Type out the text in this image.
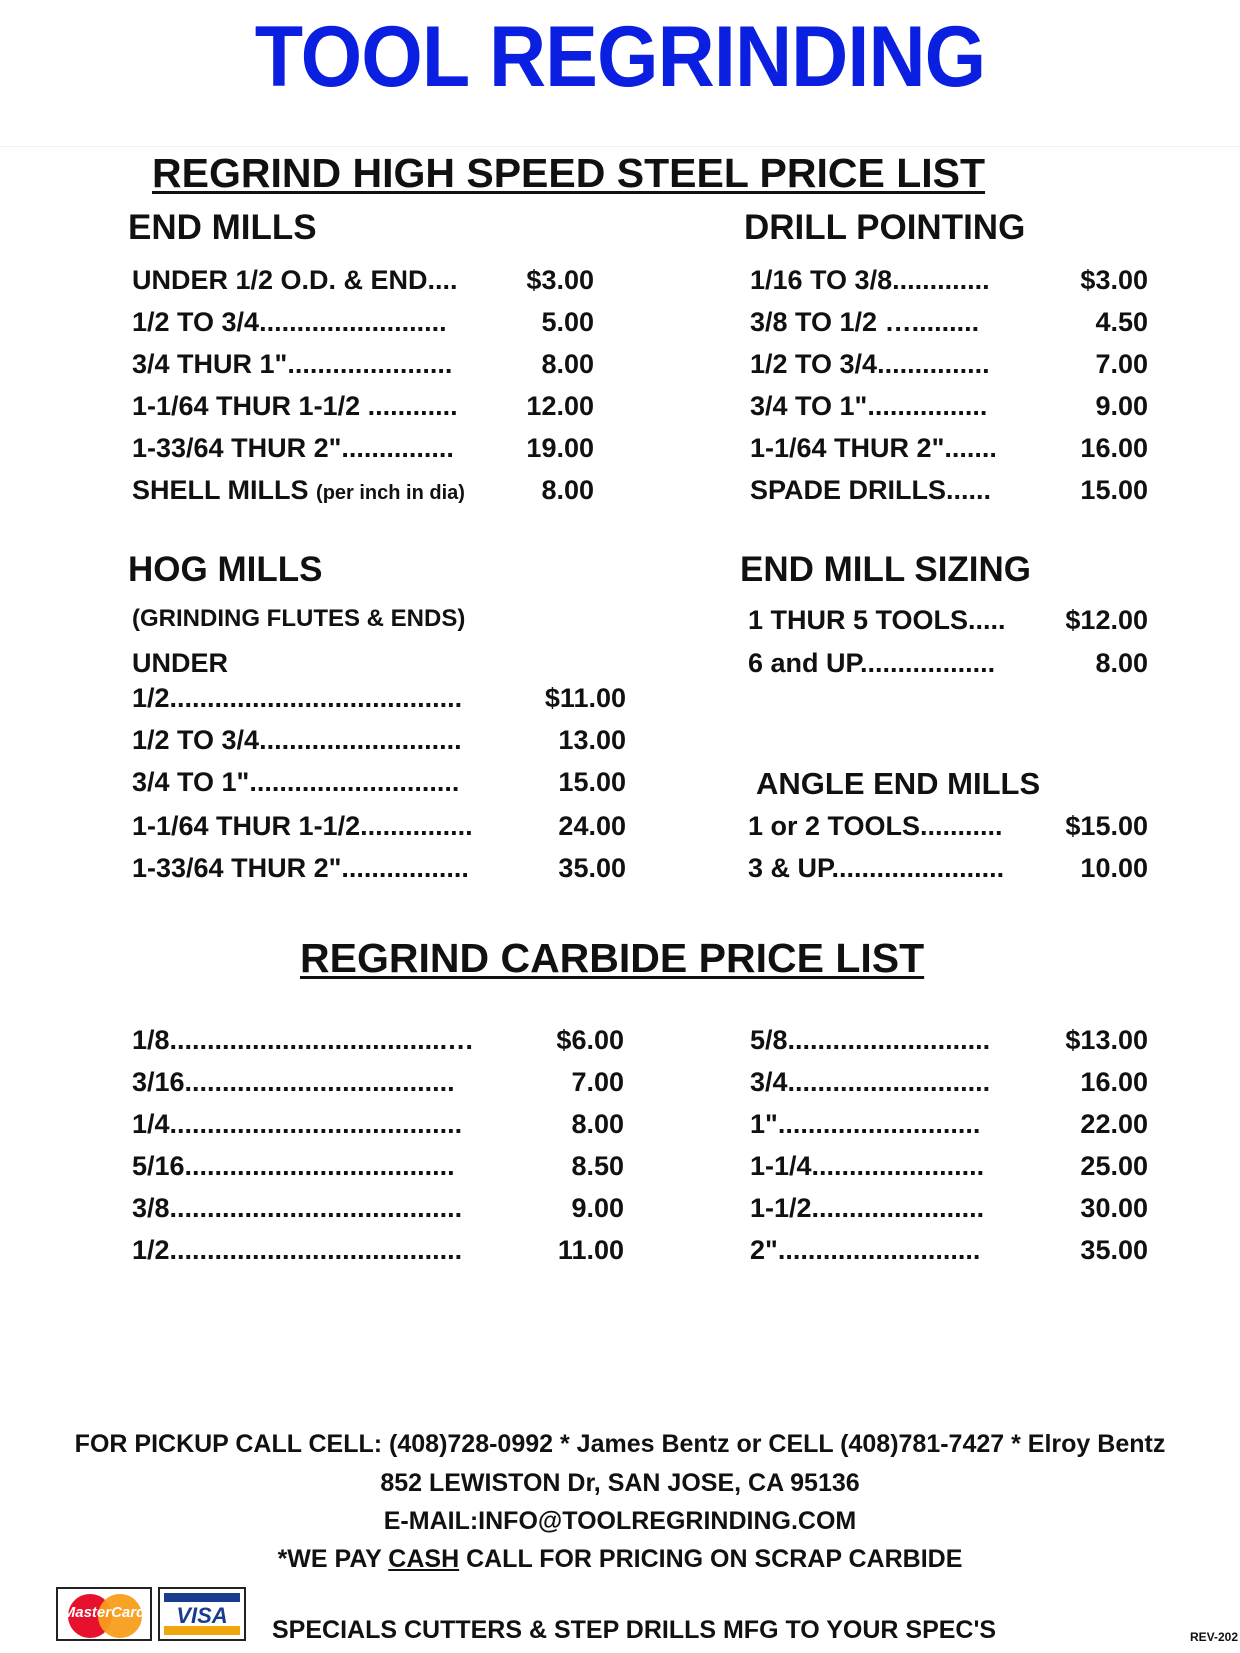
TOOL REGRINDING
REGRIND HIGH SPEED STEEL PRICE LIST
END MILLS
UNDER 1/2 O.D. & END....	$3.00
1/2 TO 3/4.........................	5.00
3/4 THUR 1"......................	8.00
1-1/64 THUR 1-1/2 ............	12.00
1-33/64 THUR 2"...............	19.00
SHELL MILLS (per inch in dia)	8.00
DRILL POINTING
1/16 TO 3/8.............	$3.00
3/8 TO 1/2 ….........	4.50
1/2 TO 3/4...............	7.00
3/4 TO 1"................	9.00
1-1/64 THUR 2".......	16.00
SPADE DRILLS......	15.00
HOG MILLS
(GRINDING FLUTES & ENDS)
UNDER
1/2.......................................	$11.00
1/2 TO 3/4...........................	13.00
3/4 TO 1"............................	15.00
1-1/64 THUR 1-1/2...............	24.00
1-33/64 THUR 2".................	35.00
END MILL SIZING
1 THUR 5 TOOLS..... $12.00
6 and UP..................	8.00
ANGLE END MILLS
1 or 2 TOOLS........... $15.00
3 & UP.......................	10.00
REGRIND CARBIDE PRICE LIST
1/8.....................................…	$6.00
3/16....................................	7.00
1/4.......................................	8.00
5/16....................................	8.50
3/8.......................................	9.00
1/2.......................................	11.00
5/8...........................	$13.00
3/4...........................	16.00
1"...........................	22.00
1-1/4.......................	25.00
1-1/2.......................	30.00
2"...........................	35.00
FOR PICKUP CALL CELL: (408)728-0992 * James Bentz or CELL (408)781-7427 * Elroy Bentz
852 LEWISTON Dr, SAN JOSE, CA 95136
E-MAIL:INFO@TOOLREGRINDING.COM
*WE PAY CASH CALL FOR PRICING ON SCRAP CARBIDE
MasterCard	VISA
SPECIALS CUTTERS & STEP DRILLS MFG TO YOUR SPEC'S	REV-202
